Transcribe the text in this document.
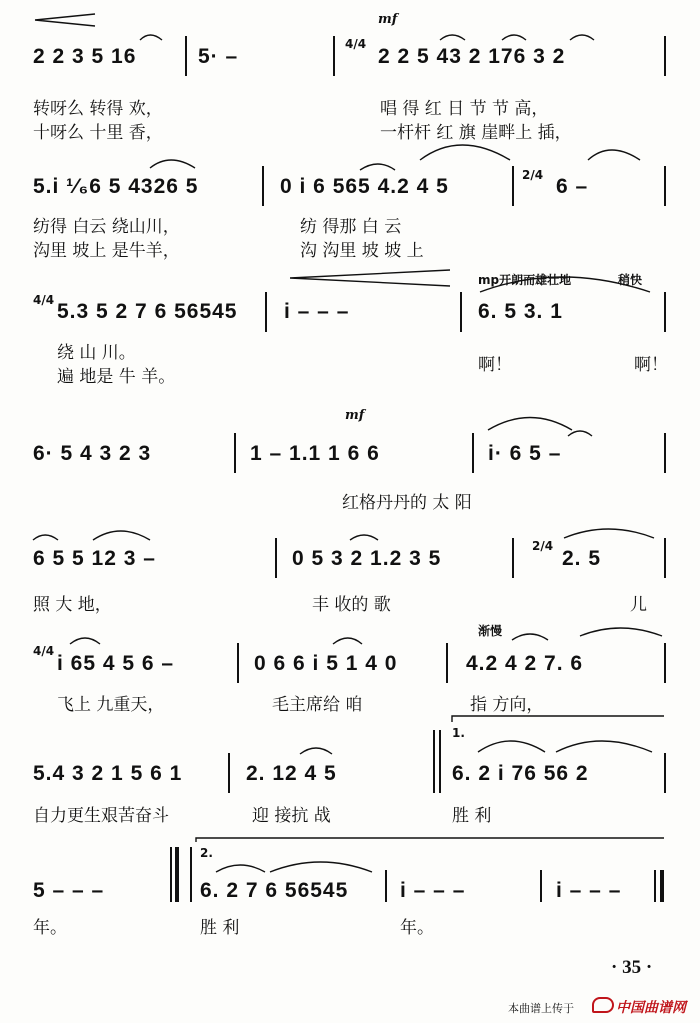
2 2 3 5 16	5· –
4/4
mf
2 2 5 43 2 176 3 2
转呀么 转得 欢，	唱 得 红 日 节 节 高，
十呀么 十里 香，	一杆杆 红 旗 崖畔上 插，
5.i ¹⁄₆6 5 4326 5	0 i 6 565 4.2 4 5	2/4 6 –
纺得 白云 绕山川，	纺 得那 白 云
沟里 坡上 是牛羊，	沟 沟里 坡 坡 上
4/4 5.3 5 2 7 6 56545 i – – –
mp开朗而雄壮地	稍快
6. 5 3. 1
绕 山 川。
啊！	啊！
遍 地是 牛 羊。
6· 5 4 3 2 3
mf
1 – 1.1 1 6 6	i· 6 5 –
红格丹丹的 太 阳
6 5 5 12 3 –	0 5 3 2 1.2 3 5
2/4
2. 5
照 大 地，	丰 收的 歌	儿
4/4
i 65 4 5 6 –	0 6 6 i 5 1 4 0
渐慢
4.2 4 2 7. 6
飞上 九重天，	毛主席给 咱	指 方向，
5.4 3 2 1 5 6 1	2. 12 4 5
1.
6. 2 i 76 56 2
自力更生艰苦奋斗	迎 接抗 战	胜 利
5 – – –
2.
6. 2 7 6 56545 i – – –	i – – –
年。	胜 利	年。
· 35 ·
本曲谱上传于	中国曲谱网
